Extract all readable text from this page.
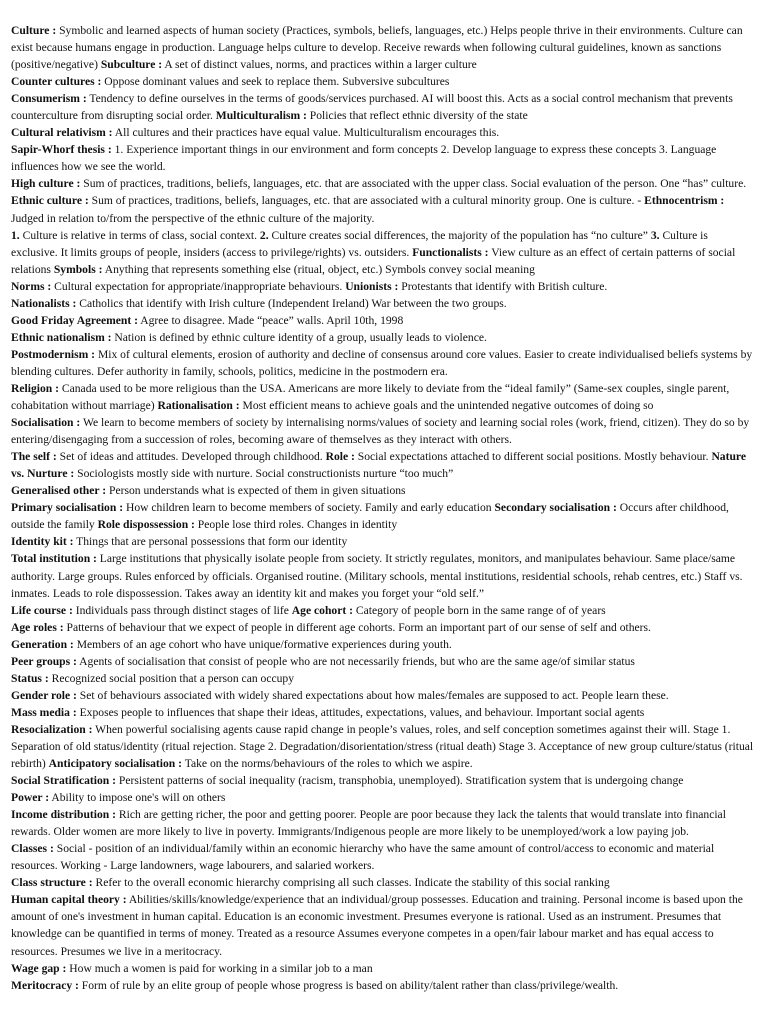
Culture : Symbolic and learned aspects of human society (Practices, symbols, beliefs, languages, etc.) Helps people thrive in their environments. Culture can exist because humans engage in production. Language helps culture to develop. Receive rewards when following cultural guidelines, known as sanctions (positive/negative) Subculture : A set of distinct values, norms, and practices within a larger culture

Counter cultures : Oppose dominant values and seek to replace them. Subversive subcultures

Consumerism : Tendency to define ourselves in the terms of goods/services purchased. AI will boost this. Acts as a social control mechanism that prevents counterculture from disrupting social order. Multiculturalism : Policies that reflect ethnic diversity of the state

Cultural relativism : All cultures and their practices have equal value. Multiculturalism encourages this.

Sapir-Whorf thesis : 1. Experience important things in our environment and form concepts 2. Develop language to express these concepts 3. Language influences how we see the world.

High culture : Sum of practices, traditions, beliefs, languages, etc. that are associated with the upper class. Social evaluation of the person. One “has” culture. Ethnic culture : Sum of practices, traditions, beliefs, languages, etc. that are associated with a cultural minority group. One is culture. - Ethnocentrism : Judged in relation to/from the perspective of the ethnic culture of the majority.

1. Culture is relative in terms of class, social context. 2. Culture creates social differences, the majority of the population has “no culture” 3. Culture is exclusive. It limits groups of people, insiders (access to privilege/rights) vs. outsiders. Functionalists : View culture as an effect of certain patterns of social relations Symbols : Anything that represents something else (ritual, object, etc.) Symbols convey social meaning

Norms : Cultural expectation for appropriate/inappropriate behaviours. Unionists : Protestants that identify with British culture.

Nationalists : Catholics that identify with Irish culture (Independent Ireland) War between the two groups.

Good Friday Agreement : Agree to disagree. Made “peace” walls. April 10th, 1998

Ethnic nationalism : Nation is defined by ethnic culture identity of a group, usually leads to violence.

Postmodernism : Mix of cultural elements, erosion of authority and decline of consensus around core values. Easier to create individualised beliefs systems by blending cultures. Defer authority in family, schools, politics, medicine in the postmodern era.

Religion : Canada used to be more religious than the USA. Americans are more likely to deviate from the “ideal family” (Same-sex couples, single parent, cohabitation without marriage) Rationalisation : Most efficient means to achieve goals and the unintended negative outcomes of doing so

Socialisation : We learn to become members of society by internalising norms/values of society and learning social roles (work, friend, citizen). They do so by entering/disengaging from a succession of roles, becoming aware of themselves as they interact with others.

The self : Set of ideas and attitudes. Developed through childhood. Role : Social expectations attached to different social positions. Mostly behaviour. Nature vs. Nurture : Sociologists mostly side with nurture. Social constructionists nurture “too much”

Generalised other : Person understands what is expected of them in given situations

Primary socialisation : How children learn to become members of society. Family and early education Secondary socialisation : Occurs after childhood, outside the family Role dispossession : People lose third roles. Changes in identity

Identity kit : Things that are personal possessions that form our identity

Total institution : Large institutions that physically isolate people from society. It strictly regulates, monitors, and manipulates behaviour. Same place/same authority. Large groups. Rules enforced by officials. Organised routine. (Military schools, mental institutions, residential schools, rehab centres, etc.) Staff vs. inmates. Leads to role dispossession. Takes away an identity kit and makes you forget your “old self.”

Life course : Individuals pass through distinct stages of life Age cohort : Category of people born in the same range of of years

Age roles : Patterns of behaviour that we expect of people in different age cohorts. Form an important part of our sense of self and others.

Generation : Members of an age cohort who have unique/formative experiences during youth.

Peer groups : Agents of socialisation that consist of people who are not necessarily friends, but who are the same age/of similar status

Status : Recognized social position that a person can occupy

Gender role : Set of behaviours associated with widely shared expectations about how males/females are supposed to act. People learn these.

Mass media : Exposes people to influences that shape their ideas, attitudes, expectations, values, and behaviour. Important social agents

Resocialization : When powerful socialising agents cause rapid change in people’s values, roles, and self conception sometimes against their will. Stage 1. Separation of old status/identity (ritual rejection. Stage 2. Degradation/disorientation/stress (ritual death) Stage 3. Acceptance of new group culture/status (ritual rebirth) Anticipatory socialisation : Take on the norms/behaviours of the roles to which we aspire.

Social Stratification : Persistent patterns of social inequality (racism, transphobia, unemployed). Stratification system that is undergoing change

Power : Ability to impose one's will on others

Income distribution : Rich are getting richer, the poor and getting poorer. People are poor because they lack the talents that would translate into financial rewards. Older women are more likely to live in poverty. Immigrants/Indigenous people are more likely to be unemployed/work a low paying job.

Classes : Social - position of an individual/family within an economic hierarchy who have the same amount of control/access to economic and material resources. Working - Large landowners, wage labourers, and salaried workers.

Class structure : Refer to the overall economic hierarchy comprising all such classes. Indicate the stability of this social ranking

Human capital theory : Abilities/skills/knowledge/experience that an individual/group possesses. Education and training. Personal income is based upon the amount of one's investment in human capital. Education is an economic investment. Presumes everyone is rational. Used as an instrument. Presumes that knowledge can be quantified in terms of money. Treated as a resource Assumes everyone competes in a open/fair labour market and has equal access to resources. Presumes we live in a meritocracy.

Wage gap : How much a women is paid for working in a similar job to a man

Meritocracy : Form of rule by an elite group of people whose progress is based on ability/talent rather than class/privilege/wealth.
